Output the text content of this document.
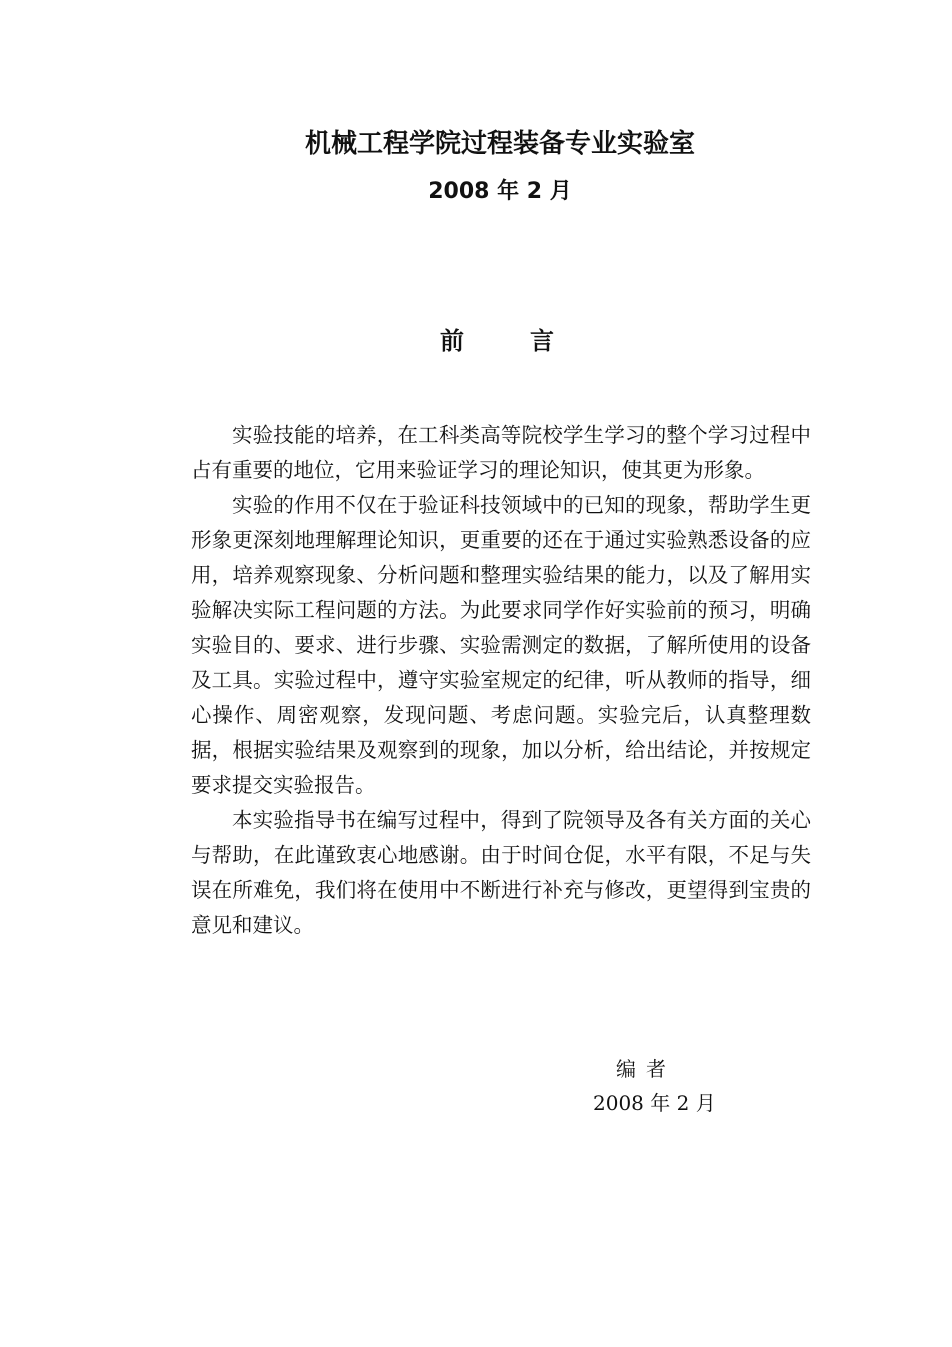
机械工程学院过程装备专业实验室
2008 年 2 月
前	言

实验技能的培养，在工科类高等院校学生学习的整个学习过程中占有重要的地位，它用来验证学习的理论知识，使其更为形象。

实验的作用不仅在于验证科技领域中的已知的现象，帮助学生更形象更深刻地理解理论知识，更重要的还在于通过实验熟悉设备的应用，培养观察现象、分析问题和整理实验结果的能力，以及了解用实验解决实际工程问题的方法。为此要求同学作好实验前的预习，明确实验目的、要求、进行步骤、实验需测定的数据，了解所使用的设备及工具。实验过程中，遵守实验室规定的纪律，听从教师的指导，细心操作、周密观察，发现问题、考虑问题。实验完后，认真整理数据，根据实验结果及观察到的现象，加以分析，给出结论，并按规定要求提交实验报告。

本实验指导书在编写过程中，得到了院领导及各有关方面的关心与帮助，在此谨致衷心地感谢。由于时间仓促，水平有限，不足与失误在所难免，我们将在使用中不断进行补充与修改，更望得到宝贵的意见和建议。

编者
2008 年 2 月
